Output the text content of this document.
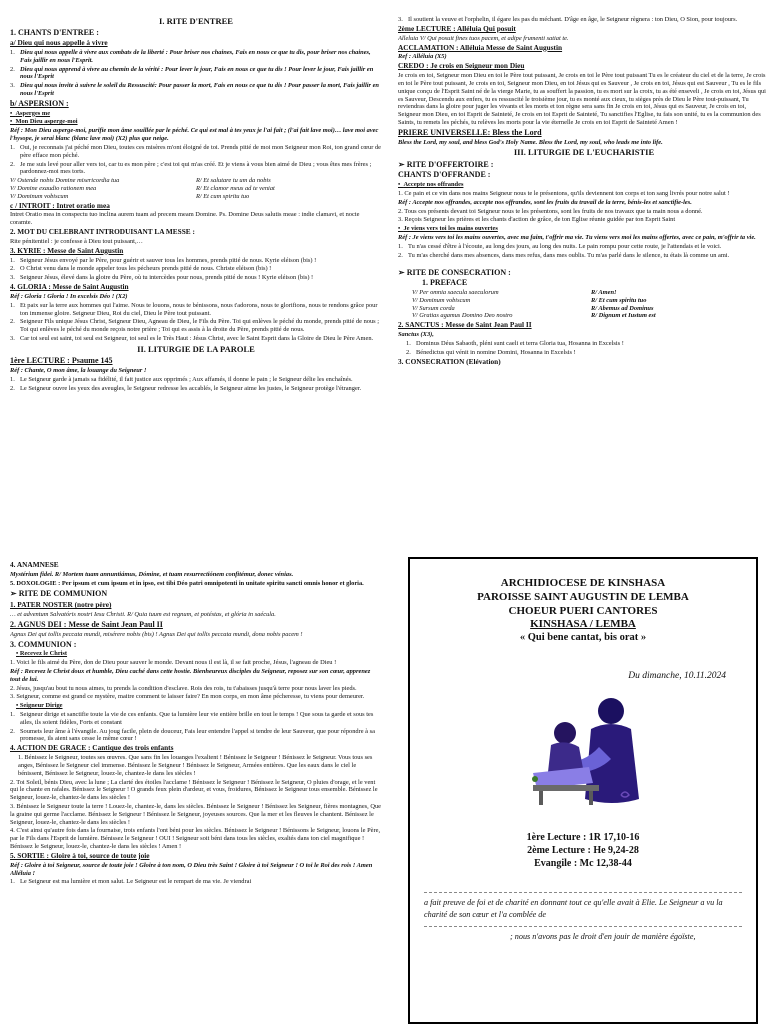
I. RITE D'ENTREE
1. CHANTS D'ENTREE :
a/ Dieu qui nous appelle à vivre
1. Dieu qui nous appelle à vivre aux combats de la liberté : Pour briser nos chaines, Fais en nous ce que tu dis, pour briser nos chaines, Fais jaillir en nous l'Esprit.
2. Dieu qui nous apprend à vivre au chemin de la vérité : Pour lever le jour, Fais en nous ce que tu dis ! Pour lever le jour, Fais jaillir en nous l'Esprit
3. Dieu qui nous invite à suivre le soleil du Ressuscité: Pour passer la mort, Fais en nous ce que tu dis ! Pour passer la mort, Fais jaillir en nous l'Esprit
b/ ASPERSION :

•  Asperges me

•  Mon Dieu asperge-moi

Réf : Mon Dieu asperge-moi, purifie mon âme souillée par le péché. Ce qui est mal à tes yeux je l'ai fait ; (l'ai fait lave moi)… lave moi avec l'hysope, je serai blanc (blanc lave moi) (X2) plus que neige.

1. Oui, je reconnais j'ai péché mon Dieu, toutes ces misères m'ont éloigné de toi. Prends pitié de moi mon Seigneur mon Roi, ton grand cœur de père efface mon péché.
2. Je me suis levé pour aller vers toi, car tu es mon père ; c'est toi qui m'as créé. Et je viens à vous bien aimé de Dieu ; vous êtes mes frères ; pardonnez-moi mes torts.
V/ Ostende nobis Domine misericordia tua	R/ Et salutare tu um da nobis
V/ Domine exaudio rationem mea	R/ Et clamor meus ad te veniat
V/ Dominum vobiscum	R/ Et cum spiritu tuo
c / INTROIT : Intret oratio mea

Intret Oratio mea in conspectu tuo inclina aurem tuam ad precem meam Domine. Ps. Domine Deus salutis meae : indie clamavi, et nocte coramte.

2. MOT DU CELEBRANT INTRODUISANT LA MESSE :

Rite pénitentiel : je confesse à Dieu tout puissant,…

3. KYRIE : Messe de Saint Augustin
1. Seigneur Jésus envoyé par le Père, pour guérir et sauver tous les hommes, prends pitié de nous. Kyrie eléison (bis) !
2. O Christ venu dans le monde appeler tous les pécheurs prends pitié de nous. Christe eléison (bis) !
3. Seigneur Jésus, élevé dans la gloire du Père, où tu intercèdes pour nous, prends pitié de nous ! Kyrie eléison (bis) !
4. GLORIA : Messe de Saint Augustin

Réf : Gloria ! Gloria ! In excelsis Déo ! (X2)

1. Et paix sur la terre aux hommes qui l'aime. Nous te louons, nous te bénissons, nous t'adorons, nous te glorifions, nous te rendons grâce pour ton immense gloire. Seigneur Dieu, Roi du ciel, Dieu le Père tout puissant.
2. Seigneur Fils unique Jésus Christ, Seigneur Dieu, Agneau de Dieu, le Fils du Père. Toi qui enlèves le péché du monde, prends pitié de nous ; Toi qui enlèves le péché du monde reçois notre prière ; Toi qui es assis à la droite du Père, prends pitié de nous.
3. Car toi seul est saint, toi seul est Seigneur, toi seul es le Très Haut : Jésus Christ, avec le Saint Esprit dans la Gloire de Dieu le Père Amen.
II. LITURGIE DE LA PAROLE
1ère LECTURE : Psaume 145

Réf : Chante, O mon âme, la louange du Seigneur !

1. Le Seigneur garde à jamais sa fidélité, il fait justice aux opprimés ; Aux affamés, il donne le pain ; le Seigneur délie les enchaînés.
2. Le Seigneur ouvre les yeux des aveugles, le Seigneur redresse les accablés, le Seigneur aime les justes, le Seigneur protège l'étranger.
3. Il soutient la veuve et l'orphelin, il égare les pas du méchant. D'âge en âge, le Seigneur règnera : ton Dieu, O Sion, pour toujours.
2ème LECTURE : Alléluia Qui posuit

Alleluia V/ Qui posuit fines tuos pacem, et adipe frumenti satiat te.

ACCLAMATION : Alléluia Messe de Saint Augustin

Ref : Alléluia (X5)

CREDO : Je crois en Seigneur mon Dieu

Je crois en toi, Seigneur mon Dieu en toi le Père tout puissant, Je crois en toi le Père tout puissant Tu es le créateur du ciel et de la terre, Je crois en toi le Père tout puissant, Je crois en toi, Seigneur mon Dieu, en toi Jésus qui es Sauveur , Je crois en toi, Jésus qui est Sauveur , Tu es le fils unique conçu de l'Esprit Saint né de la vierge Marie, tu as souffert la passion, tu es mort sur la croix, tu as été enseveli , Je crois en toi, Jésus qui es Sauveur, Descendu aux enfers, tu es ressuscité le troisième jour, tu es monté aux cieux, tu sièges près de Dieu le Père tout-puissant, Tu reviendras dans la gloire pour juger les vivants et les morts et ton règne sera sans fin Je crois en toi, Jésus qui es Sauveur, Je crois en toi, Seigneur mon Dieu, en toi Esprit de Sainteté, Je crois en toi Esprit de Sainteté, Tu sanctifies l'Eglise, tu fais son unité, tu es la communion des Saints, tu remets les péchés, tu relèves les morts pour la vie éternelle Je crois en toi Esprit de Sainteté Amen !

PRIERE UNIVERSELLE: Bless the Lord

Bless the Lord, my soul, and bless God's Holy Name. Bless the Lord, my soul, who leads me into life.

III. LITURGIE DE L'EUCHARISTIE
➢ RITE D'OFFERTOIRE :
CHANTS D'OFFRANDE :

•  Accepte nos offrandes

1. Ce pain et ce vin dans nos mains Seigneur nous te le présentons, qu'ils deviennent ton corps et ton sang livrés pour notre salut !

Réf : Accepte nos offrandes, accepte nos offrandes, sont les fruits du travail de la terre, bénis-les et sanctifie-les.

2. Tous ces présents devant toi Seigneur nous te les présentons, sont les fruits de nos travaux que ta main nous a donné.

3. Reçois Seigneur les prières et les chants d'action de grâce, de ton Eglise réunie guidée par ton Esprit Saint

•  Je viens vers toi les mains ouvertes

Réf : Je viens vers toi les mains ouvertes, avec ma faim, t'offrir ma vie. Tu viens vers moi les mains offertes, avec ce pain, m'offrir ta vie.

1. Tu n'as cessé d'être à l'écoute, au long des jours, au long des nuits. Le pain rompu pour cette route, je l'attendais et le voici.
2. Tu m'as cherché dans mes absences, dans mes refus, dans mes oublis. Tu m'as parlé dans le silence, tu étais là comme un ami.
➢ RITE DE CONSECRATION :
1. PREFACE
V/ Per omnia saecula saeculorum	R/ Amen!
V/ Dominum vobiscum	R/ Et cum spiritu tuo
V/ Sursum corda	R/ Abemus ad Dominus
V/ Gratias agamus Domino Deo nostro	R/ Dignum et Iustum est
2. SANCTUS : Messe de Saint Jean Paul II

Sanctus (X3),

1. Dominus Déus Sabaoth, pléni sunt caeli et terra Gloria tua, Hosanna in Excelsis !
2. Bénedictus qui vénit in nomine Domini, Hosanna in Excelsis !
3. CONSECRATION (Elévation)
4. ANAMNESE

Mystérium fidei. R/ Mortem tuam annuntiámus, Dómine, et tuam resurrectiónem confitémur, donec vénias.

5. DOXOLOGIE : Per ipsum et cum ipsum et in ipso, est tibi Déo patri omnipotenti in unitate spiritu sancti omnis honor et gloria.

➢ RITE DE COMMUNION
1. PATER NOSTER (notre père)

… et adventum Salvatóris nostri Iesu Christi. R/ Quia tuum est regnum, et potéstas, et glória in saécula.

2. AGNUS DEI : Messe de Saint Jean Paul II

Agnus Dei qui tollis peccata mundi, misérere nobis (bis) ! Agnus Dei qui tollis peccata mundi, dona nobis pacem !

3. COMMUNION :

• Recevez le Christ

1. Voici le fils aimé du Père, don de Dieu pour sauver le monde. Devant nous il est là, il se fait proche, Jésus, l'agneau de Dieu !

Réf : Recevez le Christ doux et humble, Dieu caché dans cette hostie. Bienheureux disciples du Seigneur, reposez sur son cœur, apprenez tout de lui.

2. Jésus, jusqu'au bout tu nous aimes, tu prends la condition d'esclave. Rois des rois, tu t'abaisses jusqu'à terre pour nous laver les pieds.

3. Seigneur, comme est grand ce mystère, maitre comment te laisser faire? En mon corps, en mon âme pécheresse, tu viens pour demeurer.

• Seigneur Dirige

1. Seigneur dirige et sanctifie toute la vie de ces enfants. Que ta lumière leur vie entière brille en tout le temps ! Que sous ta garde et sous tes ailes, ils soient fidèles, Forts et constant
2. Soumets leur âme à l'évangile. Au joug facile, plein de douceur, Fais leur entendre l'appel si tendre de leur Sauveur, que pour répondre à sa promesse, ils aient sans cesse le même cœur !
4. ACTION DE GRACE : Cantique des trois enfants

1. Bénissez le Seigneur, toutes ses œuvres. Que sans fin les louanges l'exaltent ! Bénissez le Seigneur ! Bénissez le Seigneur. Vous tous ses anges, Bénissez le Seigneur ciel immense. Bénissez le Seigneur ! Bénissez le Seigneur, Armées entières. Que les eaux dans le ciel le bénissent, Bénissez le Seigneur, louez-le, chantez-le dans les siècles !

2. Toi Soleil, bénis Dieu, avec la lune ; La clarté des étoiles l'acclame ! Bénissez le Seigneur ! Bénissez le Seigneur, O pluies d'orage, et le vent qui le chante en rafales. Bénissez le Seigneur ! O grands feux plein d'ardeur, et vous, froidures, Bénissez le Seigneur tous ensemble. Bénissez le Seigneur, louez-le, chantez-le dans les siècles !

3. Bénissez le Seigneur toute la terre ! Louez-le, chantez-le, dans les siècles. Bénissez le Seigneur ! Bénissez les Seigneur, fières montagnes, Que la graine qui germe l'acclame. Bénissez le Seigneur ! Bénissez le Seigneur, joyeuses sources. Que la mer et les fleuves le chantent. Bénissez le Seigneur, louez-le, chantez-le dans les siècles !

4. C'est ainsi qu'autre fois dans la fournaise, trois enfants l'ont béni pour les siècles. Bénissez le Seigneur ! Bénissons le Seigneur, louons le Père, par le Fils dans l'Esprit de lumière. Bénissez le Seigneur ! OUI ! Seigneur soit béni dans tous les siècles, exaltés dans ton ciel magnifique ! Bénissez le Seigneur, louez-le, chantez-le dans les siècles ! Amen !

5. SORTIE : Gloire à toi, source de toute joie

Réf : Gloire à toi Seigneur, source de toute joie ! Gloire à ton nom, O Dieu très Saint ! Gloire à toi Seigneur ! O toi le Roi des rois ! Amen Alléluia !

1. Le Seigneur est ma lumière et mon salut. Le Seigneur est le rempart de ma vie. Je viendrai
ARCHIDIOCESE DE KINSHASA
PAROISSE SAINT AUGUSTIN DE LEMBA
CHOEUR PUERI CANTORES
KINSHASA / LEMBA
« Qui bene cantat, bis orat »
Du dimanche, 10.11.2024
1ère Lecture : 1R 17,10-16
2ème Lecture : He 9,24-28
Evangile : Mc 12,38-44
a fait preuve de foi et de charité en donnant tout ce qu'elle avait à Elie. Le Seigneur a vu la charité de son cœur et l'a comblée de
; nous n'avons pas le droit d'en jouir de manière égoïste,
